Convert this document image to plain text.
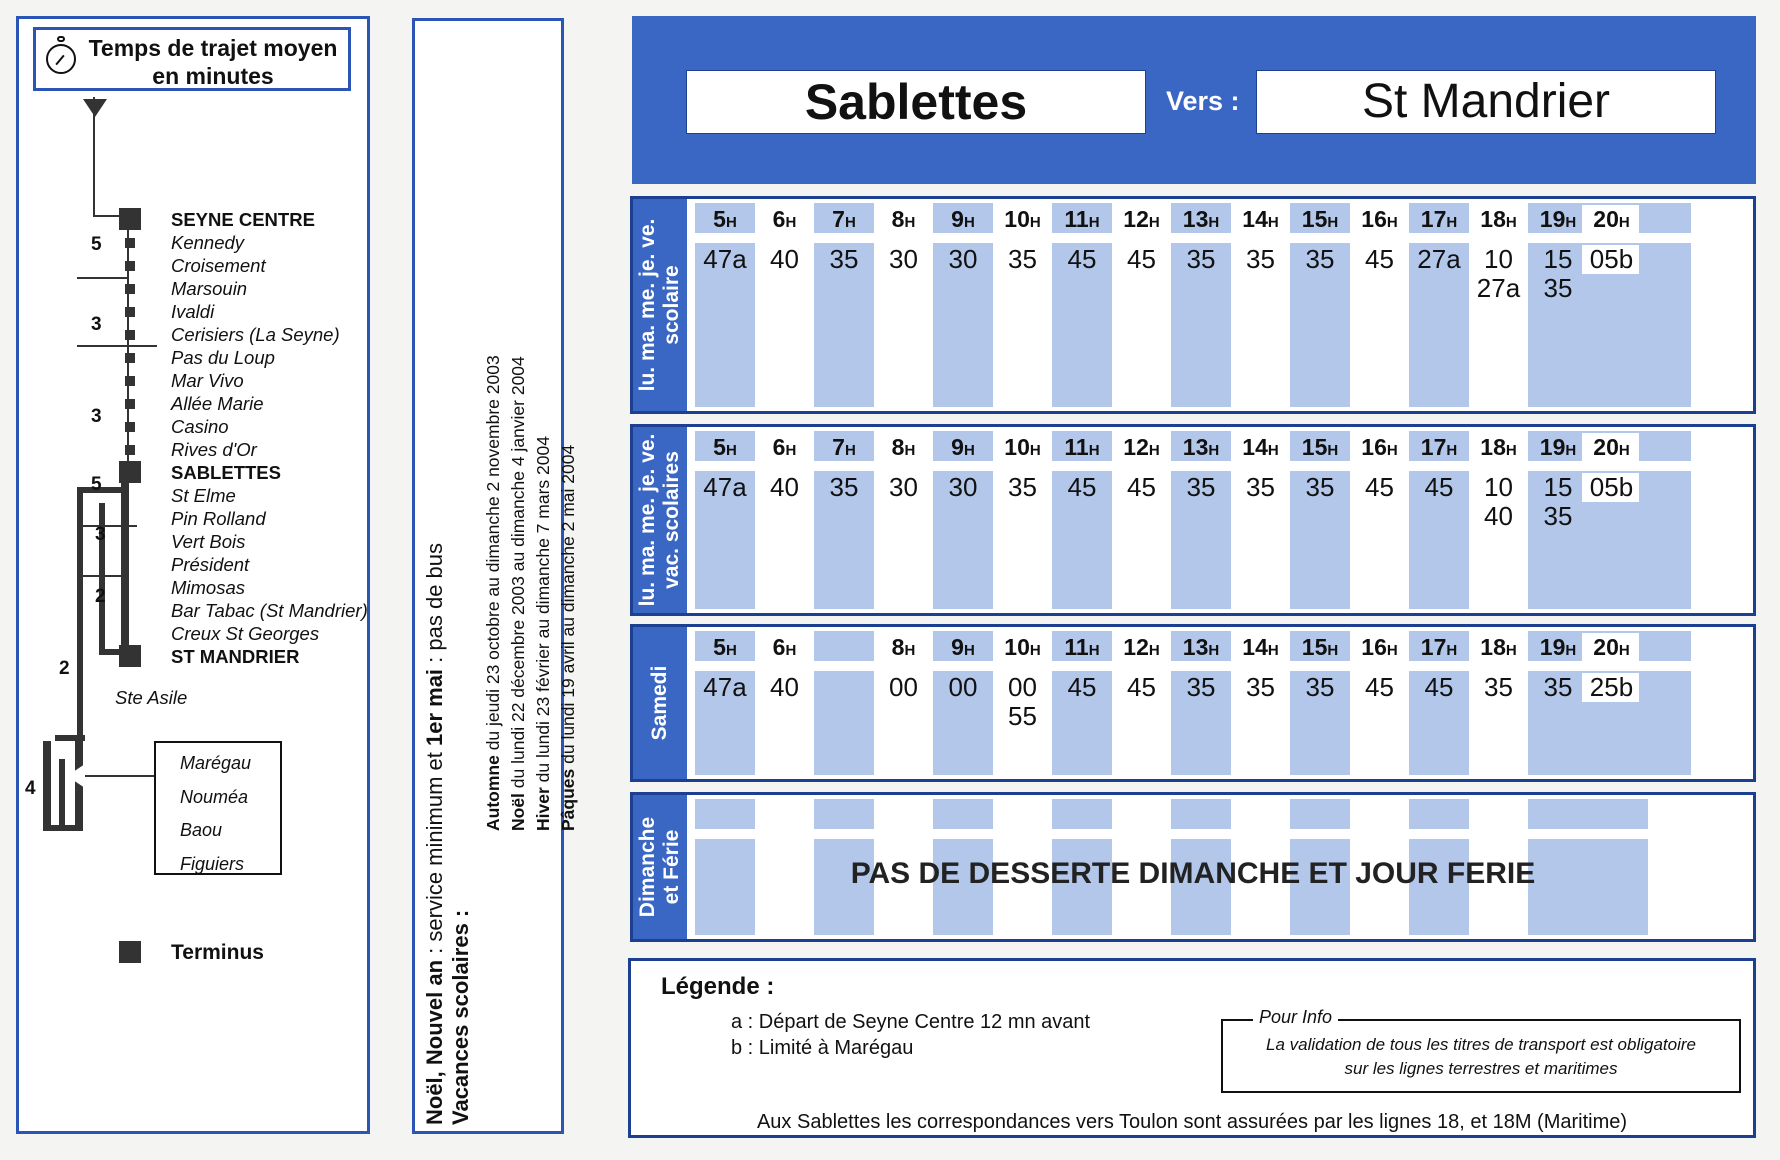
Temps de trajet moyen
en minutes
SEYNE CENTRE
Kennedy
Croisement
Marsouin
Ivaldi
Cerisiers (La Seyne)
Pas du Loup
Mar Vivo
Allée Marie
Casino
Rives d'Or
SABLETTES
St Elme
Pin Rolland
Vert Bois
Président
Mimosas
Bar Tabac (St Mandrier)
Creux St Georges
ST MANDRIER
5
3
3
5
3
2
2
4
Ste Asile
Marégau
Nouméa
Baou
Figuiers
Terminus
Noël, Nouvel an : service minimum et 1er mai : pas de bus
Vacances scolaires :
Automne du jeudi 23 octobre au dimanche 2 novembre 2003
Noël du lundi 22 décembre 2003 au dimanche 4 janvier 2004
Hiver du lundi 23 février au dimanche 7 mars 2004
Pâques du lundi 19 avril au dimanche 2 mai 2004
Sablettes	Vers :	St Mandrier
lu. ma. me. je. ve.
scolaire
5H
47a
6H
40
7H
35
8H
30
9H
30
10H
35
11H
45
12H
45
13H
35
14H
35
15H
35
16H
45
17H
27a
18H
10
27a
19H
15
35
20H
05b
lu. ma. me. je. ve.
vac. scolaires
5H
47a
6H
40
7H
35
8H
30
9H
30
10H
35
11H
45
12H
45
13H
35
14H
35
15H
35
16H
45
17H
45
18H
10
40
19H
15
35
20H
05b
Samedi
5H
47a
6H
40
8H
00
9H
00
10H
00
55
11H
45
12H
45
13H
35
14H
35
15H
35
16H
45
17H
45
18H
35
19H
35
20H
25b
PAS DE DESSERTE DIMANCHE ET JOUR FERIE
Dimanche
et Férie
Légende :
a : Départ de Seyne Centre 12 mn avant
b : Limité à Marégau
Pour Info
La validation de tous les titres de transport est obligatoire
sur les lignes terrestres et maritimes
Aux Sablettes les correspondances vers Toulon sont assurées par les lignes 18, et 18M (Maritime)
